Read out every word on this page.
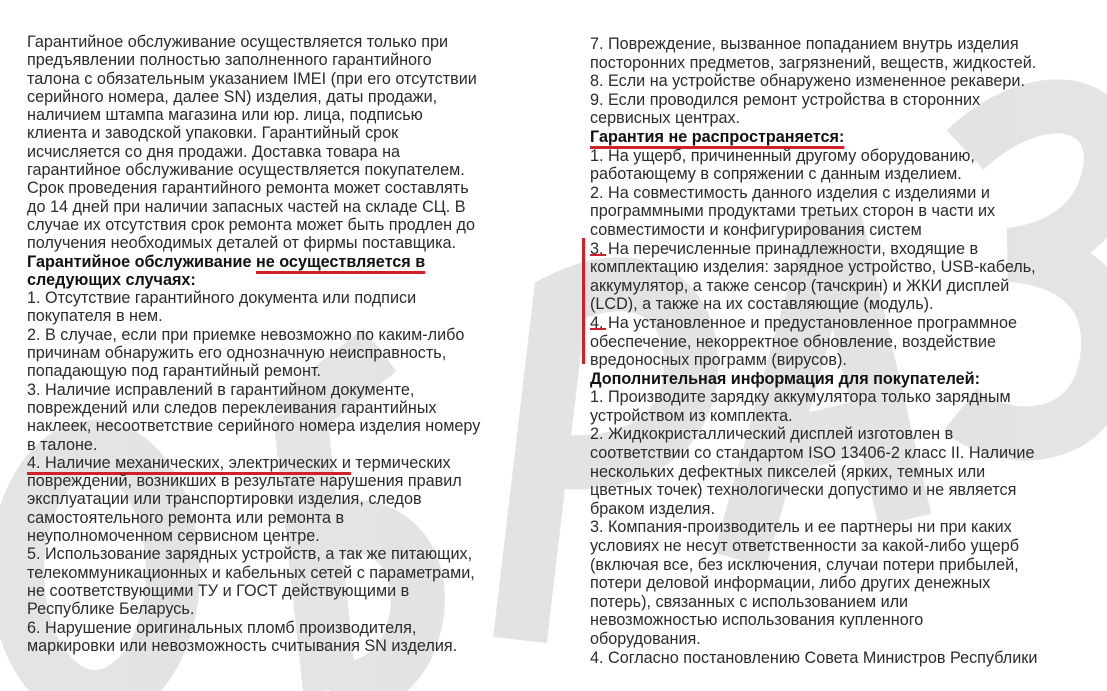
Гарантийное обслуживание осуществляется только при
предъявлении полностью заполненного гарантийного
талона с обязательным указанием IMEI (при его отсутствии
серийного номера, далее SN) изделия, даты продажи,
наличием штампа магазина или юр. лица, подписью
клиента и заводской упаковки. Гарантийный срок
исчисляется со дня продажи. Доставка товара на
гарантийное обслуживание осуществляется покупателем.
Срок проведения гарантийного ремонта может составлять
до 14 дней при наличии запасных частей на складе СЦ. В
случае их отсутствия срок ремонта может быть продлен до
получения необходимых деталей от фирмы поставщика.
Гарантийное обслуживание не осуществляется в
следующих случаях:
1. Отсутствие гарантийного документа или подписи
покупателя в нем.
2. В случае, если при приемке невозможно по каким-либо
причинам обнаружить его однозначную неисправность,
попадающую под гарантийный ремонт.
3. Наличие исправлений в гарантийном документе,
повреждений или следов переклеивания гарантийных
наклеек, несоответствие серийного номера изделия номеру
в талоне.
4. Наличие механических, электрических и термических
повреждений, возникших в результате нарушения правил
эксплуатации или транспортировки изделия, следов
самостоятельного ремонта или ремонта в
неуполномоченном сервисном центре.
5. Использование зарядных устройств, а так же питающих,
телекоммуникационных и кабельных сетей с параметрами,
не соответствующими ТУ и ГОСТ действующими в
Республике Беларусь.
6. Нарушение оригинальных пломб производителя,
маркировки или невозможность считывания SN изделия.
7. Повреждение, вызванное попаданием внутрь изделия
посторонних предметов, загрязнений, веществ, жидкостей.
8. Если на устройстве обнаружено измененное рекавери.
9. Если проводился ремонт устройства в сторонних
сервисных центрах.
Гарантия не распространяется:
1. На ущерб, причиненный другому оборудованию,
работающему в сопряжении с данным изделием.
2. На совместимость данного изделия с изделиями и
программными продуктами третьих сторон в части их
совместимости и конфигурирования систем
3. На перечисленные принадлежности, входящие в
комплектацию изделия: зарядное устройство, USB-кабель,
аккумулятор, а также сенсор (тачскрин) и ЖКИ дисплей
(LCD), а также на их составляющие (модуль).
4. На установленное и предустановленное программное
обеспечение, некорректное обновление, воздействие
вредоносных программ (вирусов).
Дополнительная информация для покупателей:
1. Производите зарядку аккумулятора только зарядным
устройством из комплекта.
2. Жидкокристаллический дисплей изготовлен в
соответствии со стандартом ISO 13406-2 класс II. Наличие
нескольких дефектных пикселей (ярких, темных или
цветных точек) технологически допустимо и не является
браком изделия.
3. Компания-производитель и ее партнеры ни при каких
условиях не несут ответственности за какой-либо ущерб
(включая все, без исключения, случаи потери прибылей,
потери деловой информации, либо других денежных
потерь), связанных с использованием или
невозможностью использования купленного
оборудования.
4. Согласно постановлению Совета Министров Республики
